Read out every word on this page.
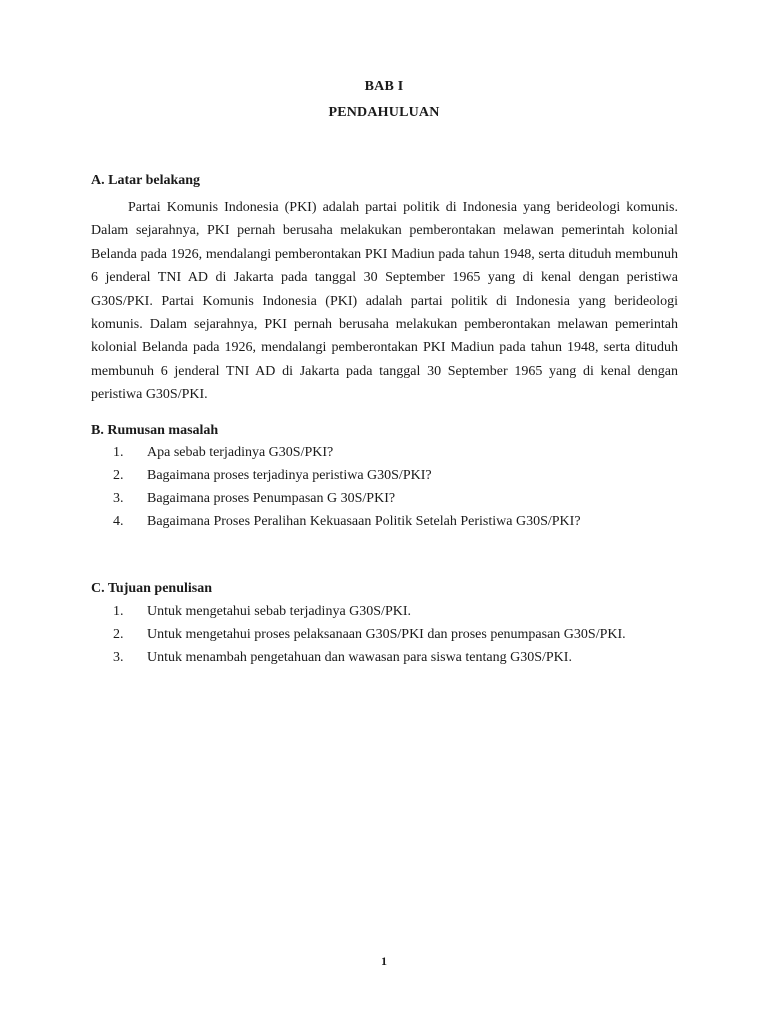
BAB I
PENDAHULUAN
A. Latar belakang

Partai Komunis Indonesia (PKI) adalah partai politik di Indonesia yang berideologi komunis. Dalam sejarahnya, PKI pernah berusaha melakukan pemberontakan melawan pemerintah kolonial Belanda pada 1926, mendalangi pemberontakan PKI Madiun pada tahun 1948, serta dituduh membunuh 6 jenderal TNI AD di Jakarta pada tanggal 30 September 1965 yang di kenal dengan peristiwa G30S/PKI. Partai Komunis Indonesia (PKI) adalah partai politik di Indonesia yang berideologi komunis. Dalam sejarahnya, PKI pernah berusaha melakukan pemberontakan melawan pemerintah kolonial Belanda pada 1926, mendalangi pemberontakan PKI Madiun pada tahun 1948, serta dituduh membunuh 6 jenderal TNI AD di Jakarta pada tanggal 30 September 1965 yang di kenal dengan peristiwa G30S/PKI.

B. Rumusan masalah
1.	Apa sebab terjadinya G30S/PKI?
2.	Bagaimana proses terjadinya peristiwa G30S/PKI?
3.	Bagaimana proses Penumpasan G 30S/PKI?
4.	Bagaimana Proses Peralihan Kekuasaan Politik Setelah Peristiwa G30S/PKI?
C. Tujuan penulisan
1.	Untuk mengetahui sebab terjadinya G30S/PKI.
2.	Untuk mengetahui proses pelaksanaan G30S/PKI dan proses penumpasan G30S/PKI.
3.	Untuk menambah pengetahuan dan wawasan para siswa tentang G30S/PKI.
1
